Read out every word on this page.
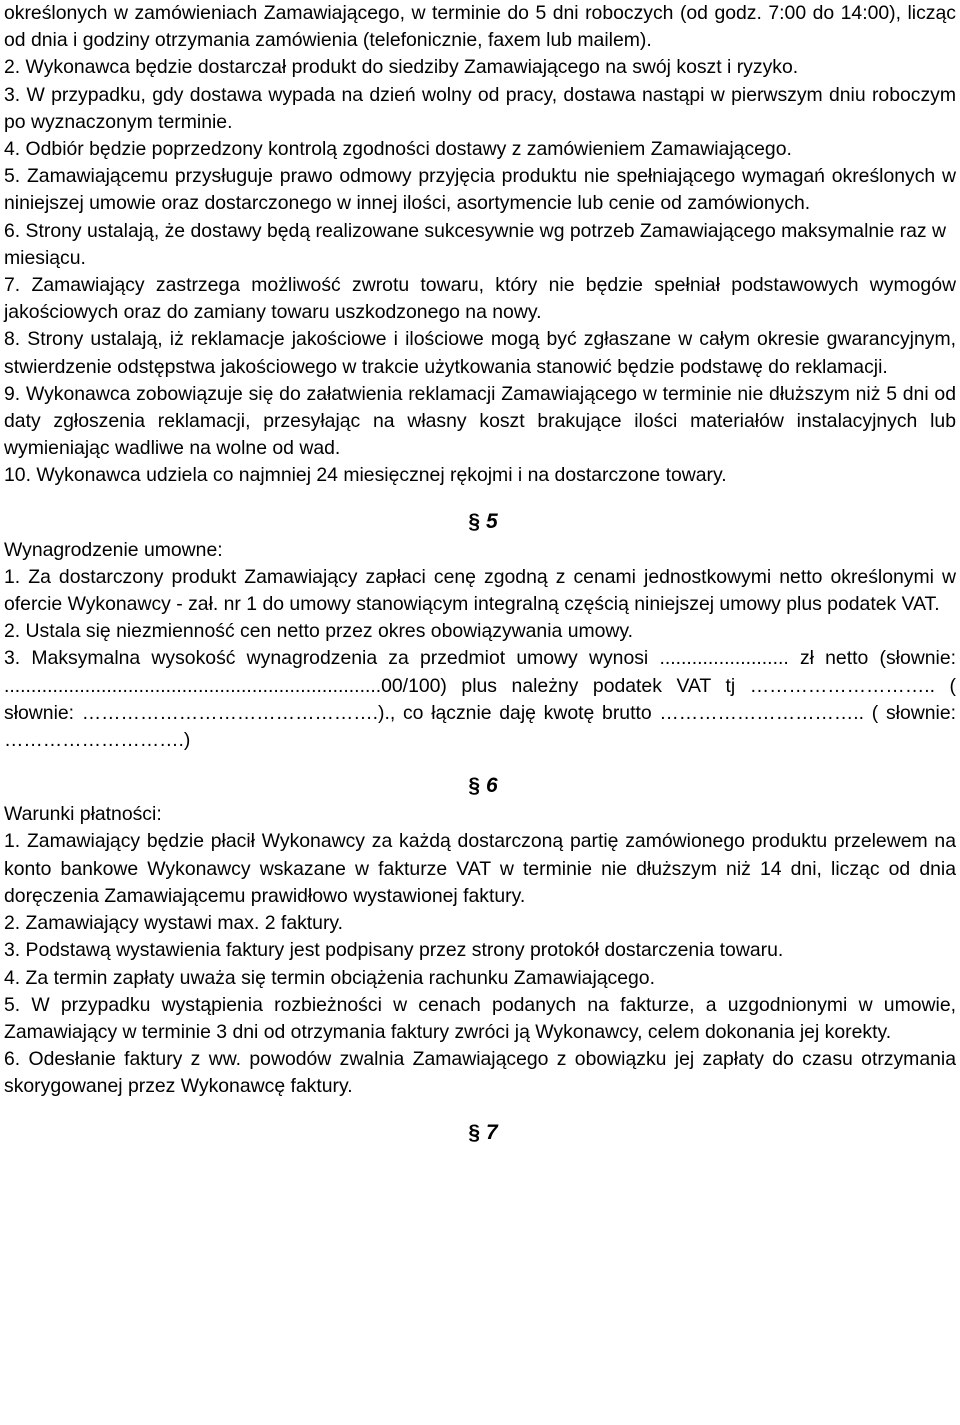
określonych w zamówieniach Zamawiającego, w terminie do 5 dni roboczych (od godz. 7:00 do 14:00), licząc od dnia i godziny otrzymania zamówienia (telefonicznie, faxem lub mailem).

2. Wykonawca będzie dostarczał produkt do siedziby Zamawiającego na swój koszt i ryzyko.

3. W przypadku, gdy dostawa wypada na dzień wolny od pracy, dostawa nastąpi w pierwszym dniu roboczym po wyznaczonym terminie.

4. Odbiór będzie poprzedzony kontrolą zgodności dostawy z zamówieniem Zamawiającego.

5. Zamawiającemu przysługuje prawo odmowy przyjęcia produktu nie spełniającego wymagań określonych w niniejszej umowie oraz dostarczonego w innej ilości, asortymencie lub cenie od zamówionych.

6. Strony ustalają, że dostawy będą realizowane sukcesywnie wg potrzeb Zamawiającego maksymalnie raz w miesiącu.

7. Zamawiający zastrzega możliwość zwrotu towaru, który nie będzie spełniał podstawowych wymogów jakościowych oraz do zamiany towaru uszkodzonego na nowy.

8. Strony ustalają, iż reklamacje jakościowe i ilościowe mogą być zgłaszane w całym okresie gwarancyjnym, stwierdzenie odstępstwa jakościowego w trakcie użytkowania stanowić będzie podstawę do reklamacji.

9. Wykonawca zobowiązuje się do załatwienia reklamacji Zamawiającego w terminie nie dłuższym niż 5 dni od daty zgłoszenia reklamacji, przesyłając na własny koszt brakujące ilości materiałów instalacyjnych lub wymieniając wadliwe na wolne od wad.

10. Wykonawca udziela co najmniej 24 miesięcznej rękojmi i na dostarczone towary.

§ 5

Wynagrodzenie umowne:

1. Za dostarczony produkt Zamawiający zapłaci cenę zgodną z cenami jednostkowymi netto określonymi w ofercie Wykonawcy - zał. nr 1 do umowy stanowiącym integralną częścią niniejszej umowy plus podatek VAT.

2. Ustala się niezmienność cen netto przez okres obowiązywania umowy.

3. Maksymalna wysokość wynagrodzenia za przedmiot umowy wynosi ........................ zł netto (słownie: ......................................................................00/100) plus należny podatek VAT tj ……………………….. ( słownie: ……………………………………….)., co łącznie daję kwotę brutto ………………………….. ( słownie: ……………………….)

§ 6

Warunki płatności:

1. Zamawiający będzie płacił Wykonawcy za każdą dostarczoną partię zamówionego produktu przelewem na konto bankowe Wykonawcy wskazane w fakturze VAT w terminie nie dłuższym niż 14 dni, licząc od dnia doręczenia Zamawiającemu prawidłowo wystawionej faktury.

2. Zamawiający wystawi max. 2 faktury.

3. Podstawą wystawienia faktury jest podpisany przez strony protokół dostarczenia towaru.

4. Za termin zapłaty uważa się termin obciążenia rachunku Zamawiającego.

5. W przypadku wystąpienia rozbieżności w cenach podanych na fakturze, a uzgodnionymi w umowie, Zamawiający w terminie 3 dni od otrzymania faktury zwróci ją Wykonawcy, celem dokonania jej korekty.

6. Odesłanie faktury z ww. powodów zwalnia Zamawiającego z obowiązku jej zapłaty do czasu otrzymania skorygowanej przez Wykonawcę faktury.

§ 7
